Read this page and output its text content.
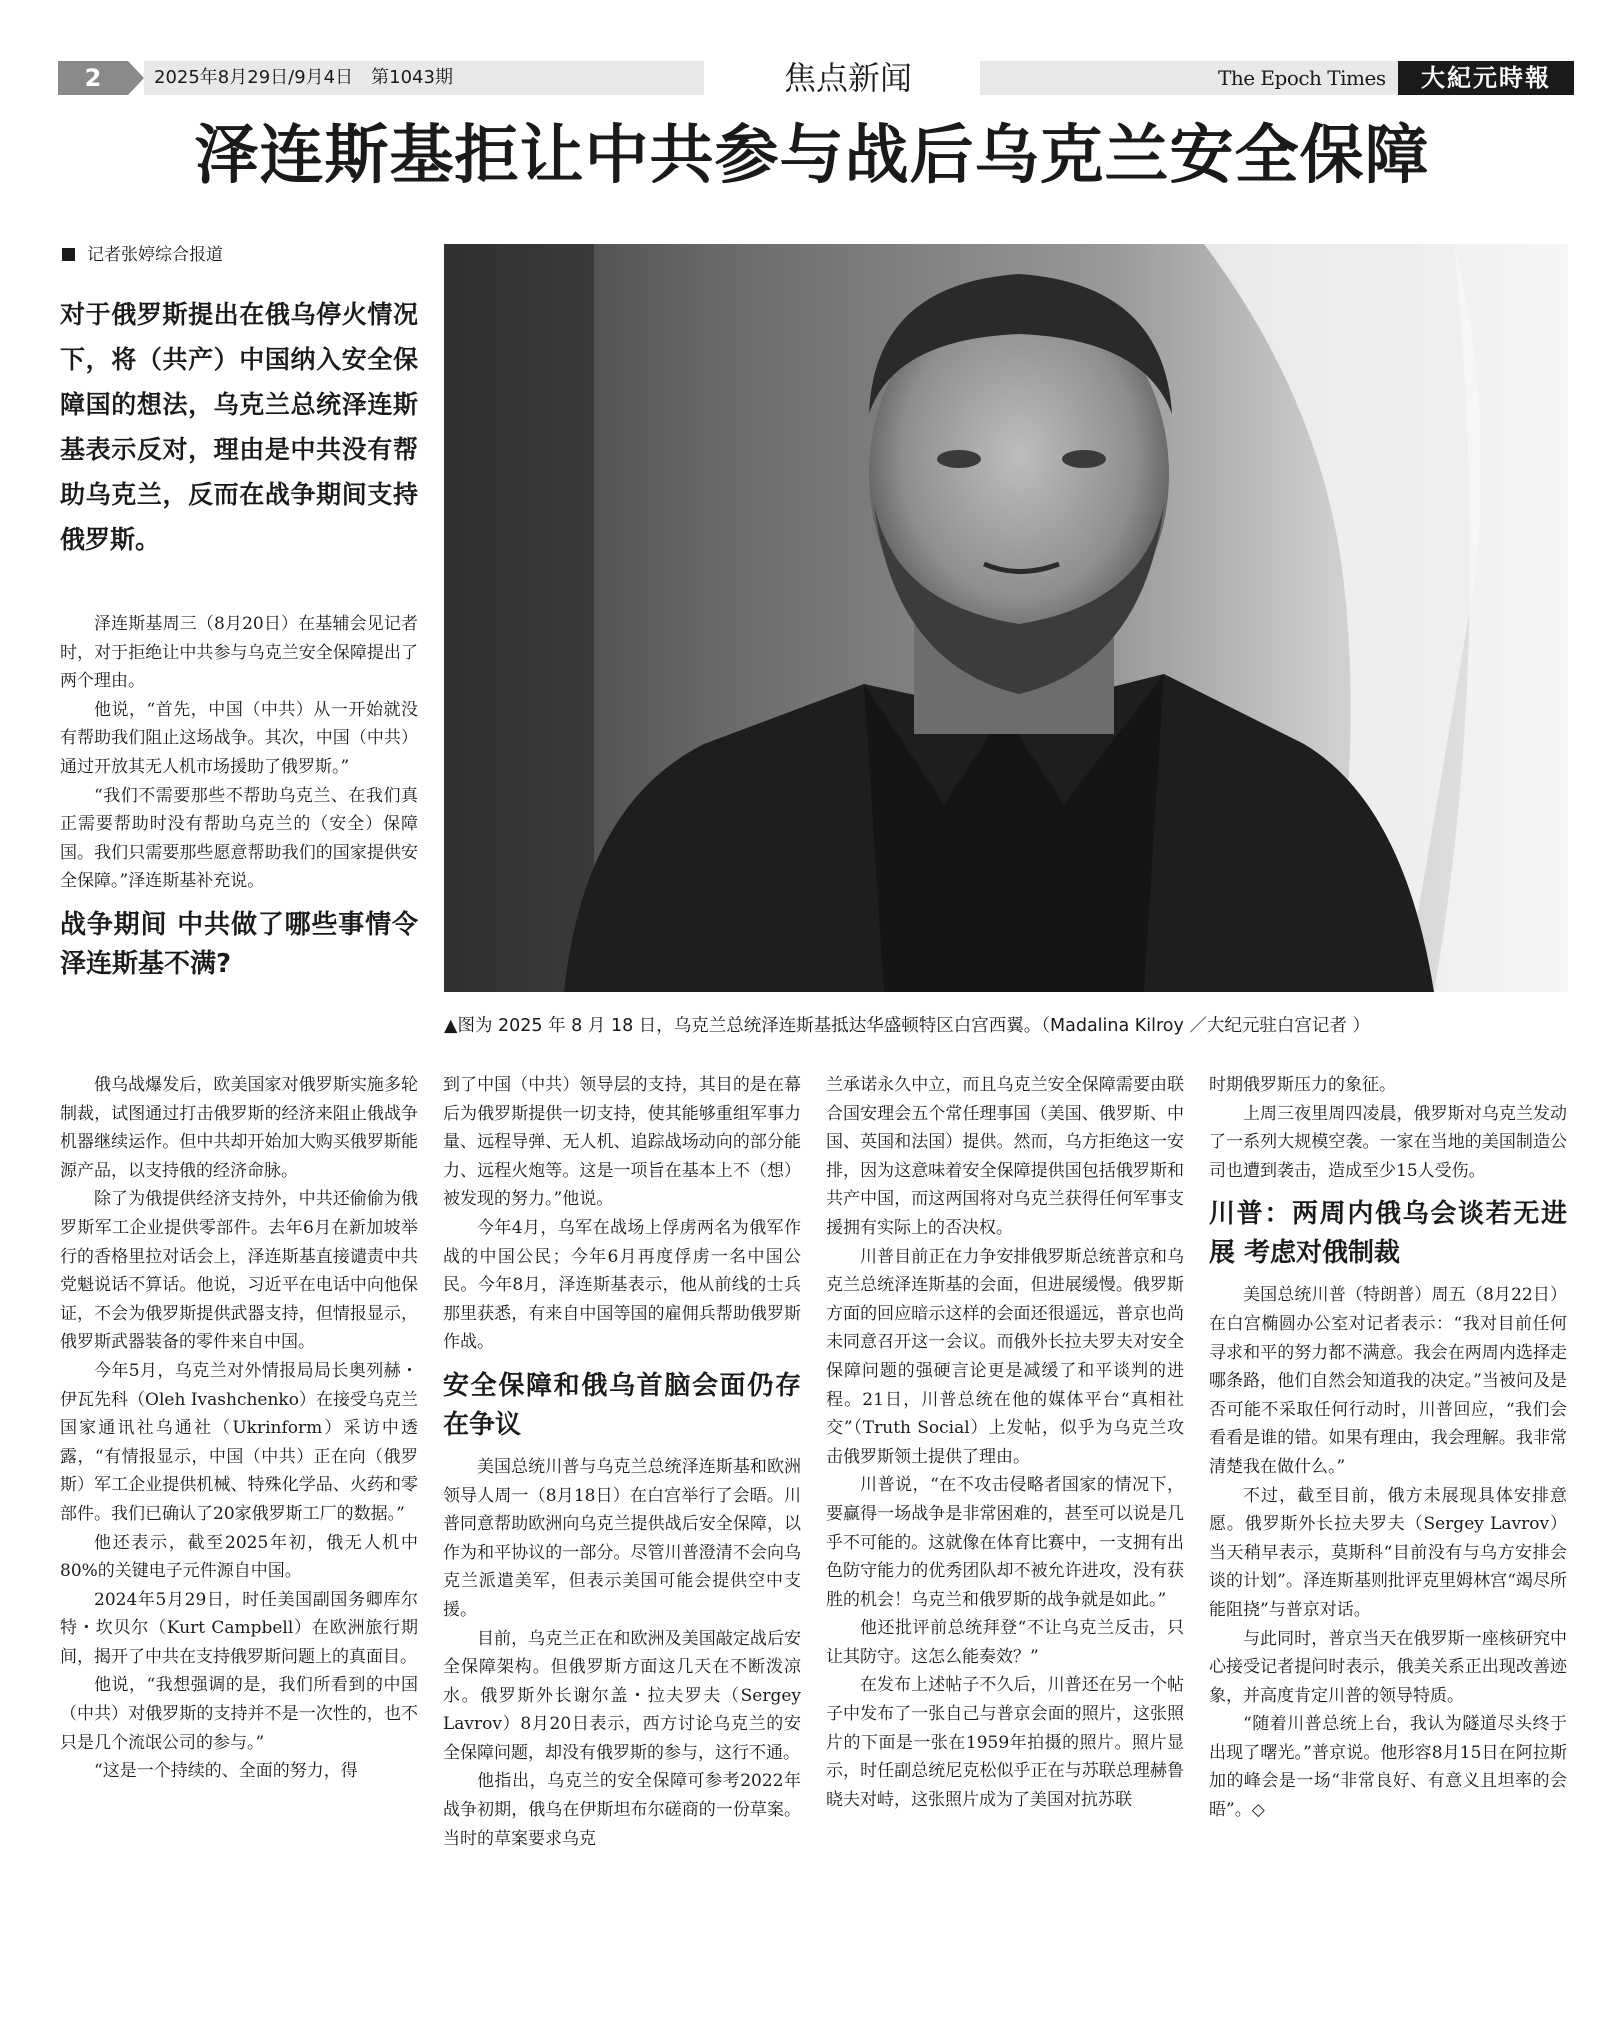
2	2025年8月29日/9月4日　第1043期	焦点新闻	The Epoch Times	大紀元時報
泽连斯基拒让中共参与战后乌克兰安全保障
记者张婷综合报道
对于俄罗斯提出在俄乌停火情况下，将（共产）中国纳入安全保障国的想法，乌克兰总统泽连斯基表示反对，理由是中共没有帮助乌克兰，反而在战争期间支持俄罗斯。

泽连斯基周三（8月20日）在基辅会见记者时，对于拒绝让中共参与乌克兰安全保障提出了两个理由。

他说，“首先，中国（中共）从一开始就没有帮助我们阻止这场战争。其次，中国（中共）通过开放其无人机市场援助了俄罗斯。”

“我们不需要那些不帮助乌克兰、在我们真正需要帮助时没有帮助乌克兰的（安全）保障国。我们只需要那些愿意帮助我们的国家提供安全保障。”泽连斯基补充说。

战争期间 中共做了哪些事情令泽连斯基不满?
▲图为 2025 年 8 月 18 日，乌克兰总统泽连斯基抵达华盛顿特区白宫西翼。（Madalina Kilroy ／大纪元驻白宫记者 ）

俄乌战爆发后，欧美国家对俄罗斯实施多轮制裁，试图通过打击俄罗斯的经济来阻止俄战争机器继续运作。但中共却开始加大购买俄罗斯能源产品，以支持俄的经济命脉。

除了为俄提供经济支持外，中共还偷偷为俄罗斯军工企业提供零部件。去年6月在新加坡举行的香格里拉对话会上，泽连斯基直接谴责中共党魁说话不算话。他说，习近平在电话中向他保证，不会为俄罗斯提供武器支持，但情报显示，俄罗斯武器装备的零件来自中国。

今年5月，乌克兰对外情报局局长奥列赫・伊瓦先科（Oleh Ivashchenko）在接受乌克兰国家通讯社乌通社（Ukrinform）采访中透露，“有情报显示，中国（中共）正在向（俄罗斯）军工企业提供机械、特殊化学品、火药和零部件。我们已确认了20家俄罗斯工厂的数据。”

他还表示，截至2025年初，俄无人机中80%的关键电子元件源自中国。

2024年5月29日，时任美国副国务卿库尔特・坎贝尔（Kurt Campbell）在欧洲旅行期间，揭开了中共在支持俄罗斯问题上的真面目。

他说，“我想强调的是，我们所看到的中国（中共）对俄罗斯的支持并不是一次性的，也不只是几个流氓公司的参与。”

“这是一个持续的、全面的努力，得

到了中国（中共）领导层的支持，其目的是在幕后为俄罗斯提供一切支持，使其能够重组军事力量、远程导弹、无人机、追踪战场动向的部分能力、远程火炮等。这是一项旨在基本上不（想）被发现的努力。”他说。

今年4月，乌军在战场上俘虏两名为俄军作战的中国公民；今年6月再度俘虏一名中国公民。今年8月，泽连斯基表示，他从前线的士兵那里获悉，有来自中国等国的雇佣兵帮助俄罗斯作战。

安全保障和俄乌首脑会面仍存在争议

美国总统川普与乌克兰总统泽连斯基和欧洲领导人周一（8月18日）在白宫举行了会晤。川普同意帮助欧洲向乌克兰提供战后安全保障，以作为和平协议的一部分。尽管川普澄清不会向乌克兰派遣美军，但表示美国可能会提供空中支援。

目前，乌克兰正在和欧洲及美国敲定战后安全保障架构。但俄罗斯方面这几天在不断泼凉水。俄罗斯外长谢尔盖・拉夫罗夫（Sergey Lavrov）8月20日表示，西方讨论乌克兰的安全保障问题，却没有俄罗斯的参与，这行不通。

他指出，乌克兰的安全保障可参考2022年战争初期，俄乌在伊斯坦布尔磋商的一份草案。当时的草案要求乌克

兰承诺永久中立，而且乌克兰安全保障需要由联合国安理会五个常任理事国（美国、俄罗斯、中国、英国和法国）提供。然而，乌方拒绝这一安排，因为这意味着安全保障提供国包括俄罗斯和共产中国，而这两国将对乌克兰获得任何军事支援拥有实际上的否决权。

川普目前正在力争安排俄罗斯总统普京和乌克兰总统泽连斯基的会面，但进展缓慢。俄罗斯方面的回应暗示这样的会面还很遥远，普京也尚未同意召开这一会议。而俄外长拉夫罗夫对安全保障问题的强硬言论更是减缓了和平谈判的进程。21日，川普总统在他的媒体平台“真相社交”（Truth Social）上发帖，似乎为乌克兰攻击俄罗斯领土提供了理由。

川普说，“在不攻击侵略者国家的情况下，要赢得一场战争是非常困难的，甚至可以说是几乎不可能的。这就像在体育比赛中，一支拥有出色防守能力的优秀团队却不被允许进攻，没有获胜的机会！乌克兰和俄罗斯的战争就是如此。”

他还批评前总统拜登“不让乌克兰反击，只让其防守。这怎么能奏效？”

在发布上述帖子不久后，川普还在另一个帖子中发布了一张自己与普京会面的照片，这张照片的下面是一张在1959年拍摄的照片。照片显示，时任副总统尼克松似乎正在与苏联总理赫鲁晓夫对峙，这张照片成为了美国对抗苏联

时期俄罗斯压力的象征。

上周三夜里周四凌晨，俄罗斯对乌克兰发动了一系列大规模空袭。一家在当地的美国制造公司也遭到袭击，造成至少15人受伤。

川普：两周内俄乌会谈若无进展 考虑对俄制裁

美国总统川普（特朗普）周五（8月22日）在白宫椭圆办公室对记者表示：“我对目前任何寻求和平的努力都不满意。我会在两周内选择走哪条路，他们自然会知道我的决定。”当被问及是否可能不采取任何行动时，川普回应，“我们会看看是谁的错。如果有理由，我会理解。我非常清楚我在做什么。”

不过，截至目前，俄方未展现具体安排意愿。俄罗斯外长拉夫罗夫（Sergey Lavrov）当天稍早表示，莫斯科“目前没有与乌方安排会谈的计划”。泽连斯基则批评克里姆林宫“竭尽所能阻挠”与普京对话。

与此同时，普京当天在俄罗斯一座核研究中心接受记者提问时表示，俄美关系正出现改善迹象，并高度肯定川普的领导特质。

“随着川普总统上台，我认为隧道尽头终于出现了曙光。”普京说。他形容8月15日在阿拉斯加的峰会是一场“非常良好、有意义且坦率的会晤”。◇
